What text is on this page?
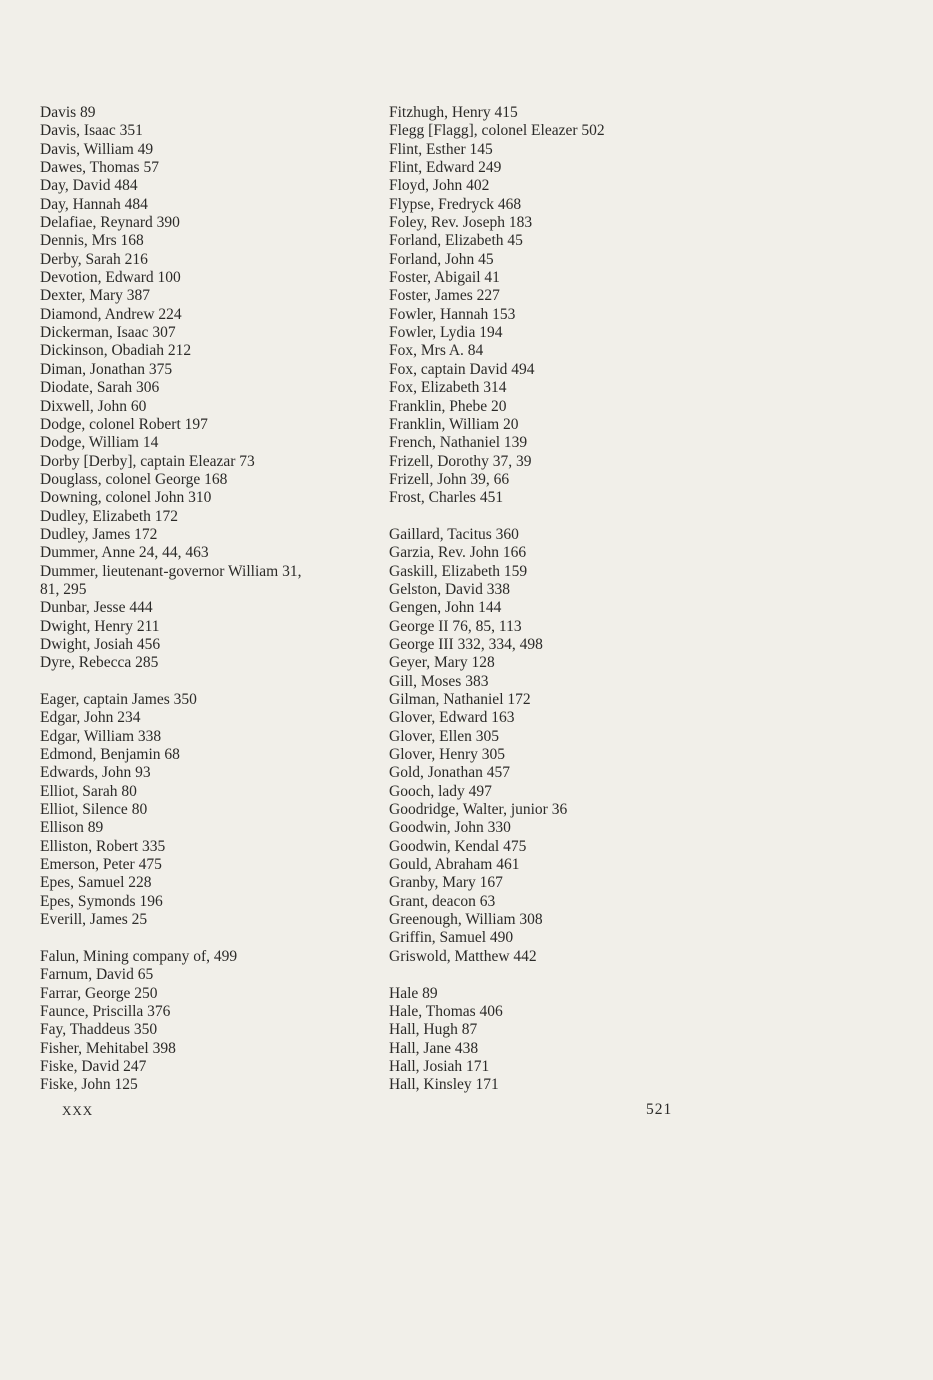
Davis 89
Davis, Isaac 351
Davis, William 49
Dawes, Thomas 57
Day, David 484
Day, Hannah 484
Delafiae, Reynard 390
Dennis, Mrs 168
Derby, Sarah 216
Devotion, Edward 100
Dexter, Mary 387
Diamond, Andrew 224
Dickerman, Isaac 307
Dickinson, Obadiah 212
Diman, Jonathan 375
Diodate, Sarah 306
Dixwell, John 60
Dodge, colonel Robert 197
Dodge, William 14
Dorby [Derby], captain Eleazar 73
Douglass, colonel George 168
Downing, colonel John 310
Dudley, Elizabeth 172
Dudley, James 172
Dummer, Anne 24, 44, 463
Dummer, lieutenant-governor William 31,
81, 295
Dunbar, Jesse 444
Dwight, Henry 211
Dwight, Josiah 456
Dyre, Rebecca 285
Eager, captain James 350
Edgar, John 234
Edgar, William 338
Edmond, Benjamin 68
Edwards, John 93
Elliot, Sarah 80
Elliot, Silence 80
Ellison 89
Elliston, Robert 335
Emerson, Peter 475
Epes, Samuel 228
Epes, Symonds 196
Everill, James 25
Falun, Mining company of, 499
Farnum, David 65
Farrar, George 250
Faunce, Priscilla 376
Fay, Thaddeus 350
Fisher, Mehitabel 398
Fiske, David 247
Fiske, John 125
Fitzhugh, Henry 415
Flegg [Flagg], colonel Eleazer 502
Flint, Esther 145
Flint, Edward 249
Floyd, John 402
Flypse, Fredryck 468
Foley, Rev. Joseph 183
Forland, Elizabeth 45
Forland, John 45
Foster, Abigail 41
Foster, James 227
Fowler, Hannah 153
Fowler, Lydia 194
Fox, Mrs A. 84
Fox, captain David 494
Fox, Elizabeth 314
Franklin, Phebe 20
Franklin, William 20
French, Nathaniel 139
Frizell, Dorothy 37, 39
Frizell, John 39, 66
Frost, Charles 451
Gaillard, Tacitus 360
Garzia, Rev. John 166
Gaskill, Elizabeth 159
Gelston, David 338
Gengen, John 144
George II 76, 85, 113
George III 332, 334, 498
Geyer, Mary 128
Gill, Moses 383
Gilman, Nathaniel 172
Glover, Edward 163
Glover, Ellen 305
Glover, Henry 305
Gold, Jonathan 457
Gooch, lady 497
Goodridge, Walter, junior 36
Goodwin, John 330
Goodwin, Kendal 475
Gould, Abraham 461
Granby, Mary 167
Grant, deacon 63
Greenough, William 308
Griffin, Samuel 490
Griswold, Matthew 442
Hale 89
Hale, Thomas 406
Hall, Hugh 87
Hall, Jane 438
Hall, Josiah 171
Hall, Kinsley 171
XXX	521
